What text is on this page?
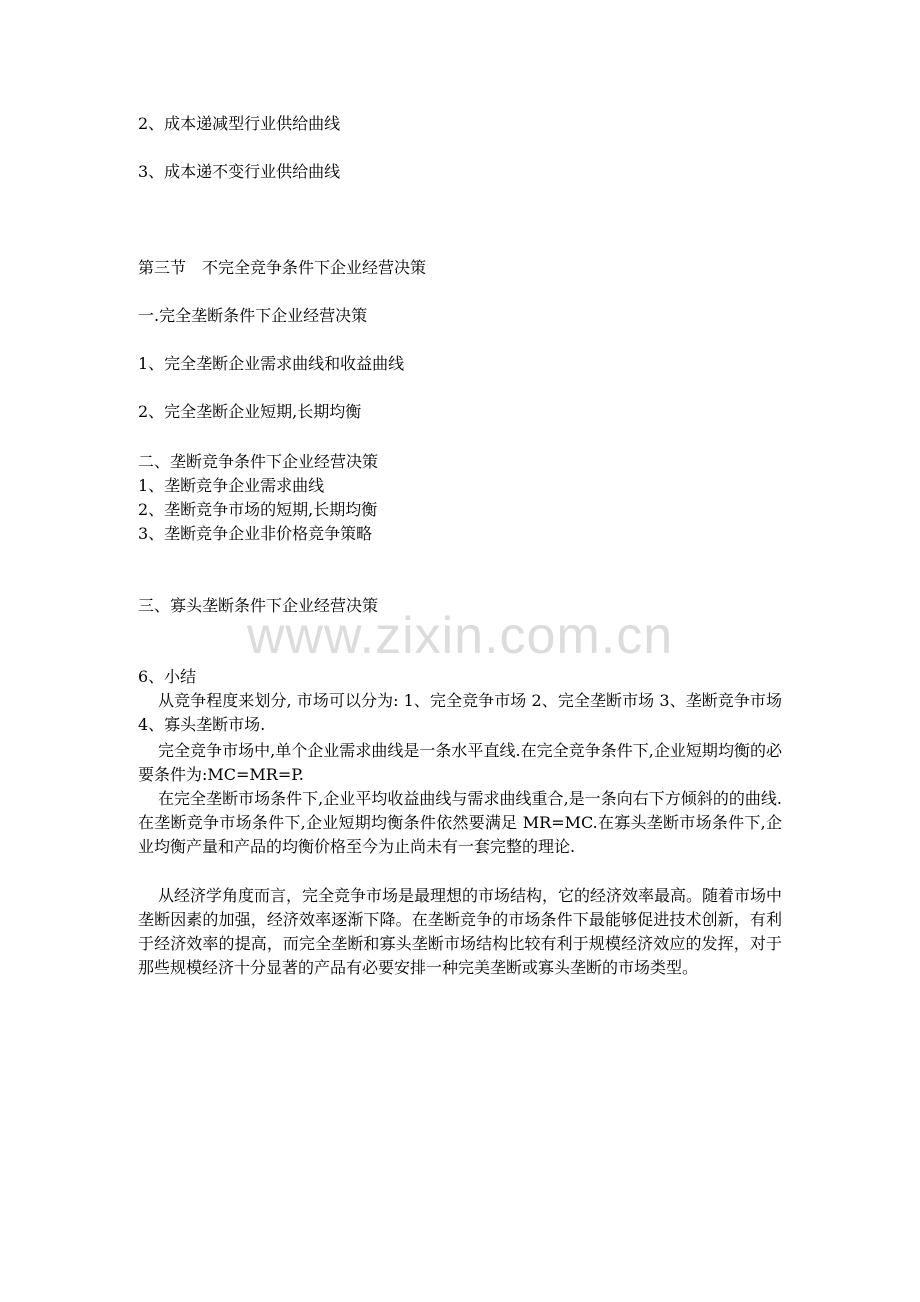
2、成本递减型行业供给曲线
3、成本递不变行业供给曲线
第三节　不完全竞争条件下企业经营决策
一.完全垄断条件下企业经营决策
1、完全垄断企业需求曲线和收益曲线
2、完全垄断企业短期,长期均衡
二、垄断竞争条件下企业经营决策
1、垄断竞争企业需求曲线
2、垄断竞争市场的短期,长期均衡
3、垄断竞争企业非价格竞争策略
三、寡头垄断条件下企业经营决策
www.zixin.com.cn
6、小结
从竞争程度来划分, 市场可以分为: 1、完全竞争市场 2、完全垄断市场 3、垄断竞争市场 4、寡头垄断市场.
完全竞争市场中,单个企业需求曲线是一条水平直线.在完全竞争条件下,企业短期均衡的必要条件为:MC=MR=P.
在完全垄断市场条件下,企业平均收益曲线与需求曲线重合,是一条向右下方倾斜的的曲线.在垄断竞争市场条件下,企业短期均衡条件依然要满足 MR=MC.在寡头垄断市场条件下,企业均衡产量和产品的均衡价格至今为止尚未有一套完整的理论.
从经济学角度而言，完全竞争市场是最理想的市场结构，它的经济效率最高。随着市场中垄断因素的加强，经济效率逐渐下降。在垄断竞争的市场条件下最能够促进技术创新，有利于经济效率的提高，而完全垄断和寡头垄断市场结构比较有利于规模经济效应的发挥，对于那些规模经济十分显著的产品有必要安排一种完美垄断或寡头垄断的市场类型。
